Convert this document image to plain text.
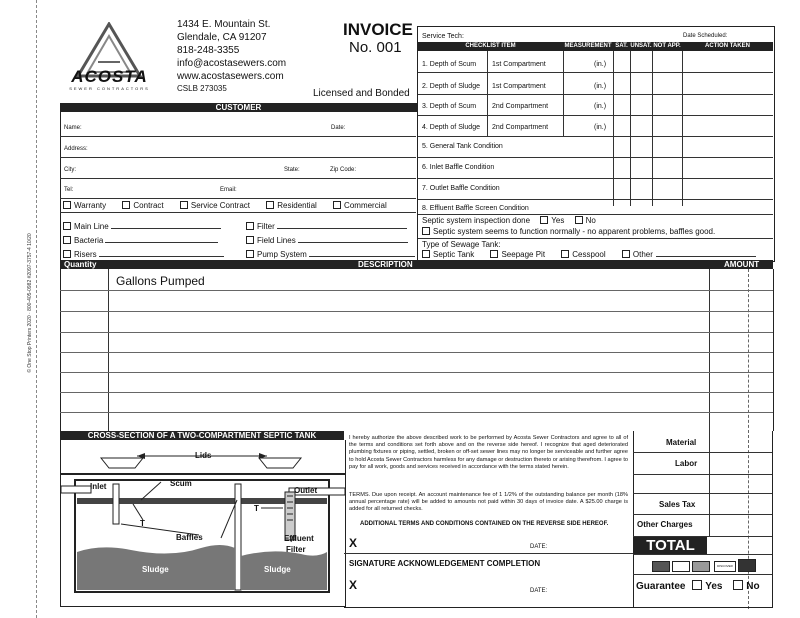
© One Stop Printers 2020 · 800-405-0982 #2097-3757-4 10/20
ACOSTA
SEWER CONTRACTORS
1434 E. Mountain St.
Glendale, CA 91207
818-248-3355
info@acostasewers.com
www.acostasewers.com
CSLB 273035	Licensed and Bonded
INVOICE
No. 001
Service Tech:	Date Scheduled:
CHECKLIST ITEM	MEASUREMENT SAT. UNSAT. NOT APP.	ACTION TAKEN
1. Depth of Scum 1st Compartment	(in.)
2. Depth of Sludge 1st Compartment	(in.)
3. Depth of Scum 2nd Compartment	(in.)
4. Depth of Sludge 2nd Compartment	(in.)
5. General Tank Condition
6. Inlet Baffle Condition
7. Outlet Baffle Condition
8. Effluent Baffle Screen Condition
Septic system inspection done	Yes	No
Septic system seems to function normally - no apparent problems, baffles good.
Type of Sewage Tank:
Septic Tank	Seepage Pit	Cesspool	Other
CUSTOMER
Name:	Date:
Address:
City:	State:	Zip Code:
Tel:	Email:
Warranty	Contract	Service Contract	Residential	Commercial
Main Line
Bacteria
Risers
Filter
Field Lines
Pump System
Quantity	DESCRIPTION	AMOUNT
Gallons Pumped
CROSS-SECTION OF A TWO-COMPARTMENT SEPTIC TANK
Lids
Inlet	Scum
Outlet
T
T
Baffles	Effluent
Filter
Sludge	Sludge
I hereby authorize the above described work to be performed by Acosta Sewer Contractors and agree to all of the terms and conditions set forth above and on the reverse side hereof. I recognize that aged deteriorated plumbing fixtures or piping, settled, broken or off-set sewer lines may no longer be serviceable and further agree to hold Acosta Sewer Contractors harmless for any damage or destruction thereto or arising therefrom. I agree to pay for all work, goods and services received in accordance with the terms stated herein.
TERMS. Due upon receipt. An account maintenance fee of 1 1/2% of the outstanding balance per month (18% annual percentage rate) will be added to amounts not paid within 30 days of invoice date. A $25.00 charge is added for all returned checks.
ADDITIONAL TERMS AND CONDITIONS CONTAINED ON THE REVERSE SIDE HEREOF.
X	DATE:
SIGNATURE ACKNOWLEDGEMENT COMPLETION
X	DATE:
Material
Labor
Sales Tax
Other Charges
TOTAL
DISCOVER
Guarantee Yes No
